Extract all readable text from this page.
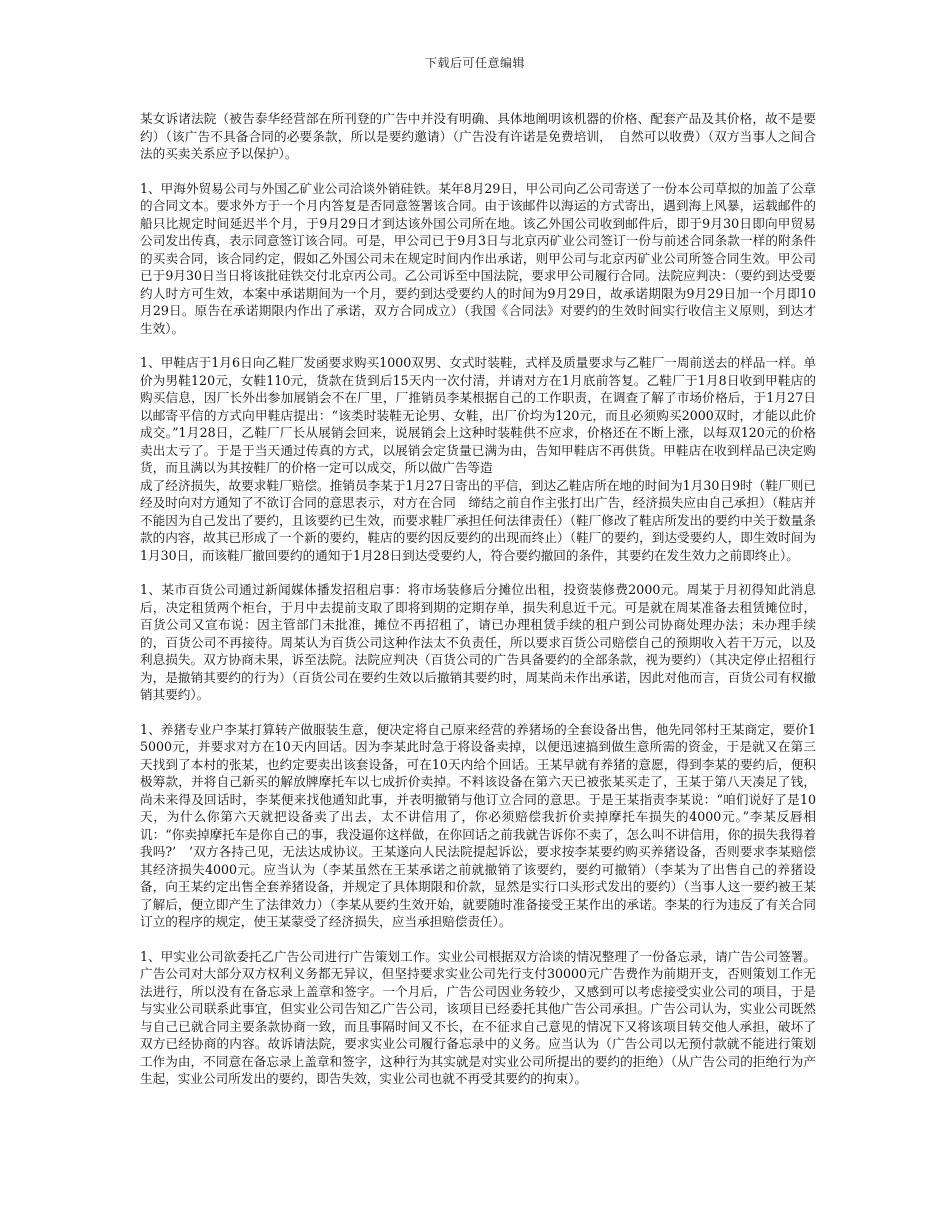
下载后可任意编辑

某女诉诸法院（被告泰华经营部在所刊登的广告中并没有明确、具体地阐明该机器的价格、配套产品及其价格，故不是要约）（该广告不具备合同的必要条款，所以是要约邀请）（广告没有许诺是免费培训，　自然可以收费）（双方当事人之间合法的买卖关系应予以保护）。

1、甲海外贸易公司与外国乙矿业公司洽谈外销硅铁。某年8月29日，甲公司向乙公司寄送了一份本公司草拟的加盖了公章的合同文本。要求外方于一个月内答复是否同意签署该合同。由于该邮件以海运的方式寄出，遇到海上风暴，运载邮件的船只比规定时间延迟半个月，于9月29日才到达该外国公司所在地。该乙外国公司收到邮件后，即于9月30日即向甲贸易公司发出传真，表示同意签订该合同。可是，甲公司已于9月3日与北京丙矿业公司签订一份与前述合同条款一样的附条件的买卖合同，该合同约定，假如乙外国公司未在规定时间内作出承诺，则甲公司与北京丙矿业公司所签合同生效。甲公司已于9月30日当日将该批硅铁交付北京丙公司。乙公司诉至中国法院，要求甲公司履行合同。法院应判决：（要约到达受要约人时方可生效，本案中承诺期间为一个月，要约到达受要约人的时间为9月29日，故承诺期限为9月29日加一个月即10月29日。原告在承诺期限内作出了承诺，双方合同成立）（我国《合同法》对要约的生效时间实行收信主义原则，到达才生效）。

1、甲鞋店于1月6日向乙鞋厂发函要求购买1000双男、女式时装鞋，式样及质量要求与乙鞋厂一周前送去的样品一样。单价为男鞋120元，女鞋110元，货款在货到后15天内一次付清，并请对方在1月底前答复。乙鞋厂于1月8日收到甲鞋店的购买信息，因厂长外出参加展销会不在厂里，厂推销员李某根据自己的工作职责，在调查了解了市场价格后，于1月27日以邮寄平信的方式向甲鞋店提出：“该类时装鞋无论男、女鞋，出厂价均为120元，而且必须购买2000双时，才能以此价成交。”1月28日，乙鞋厂厂长从展销会回来，说展销会上这种时装鞋供不应求，价格还在不断上涨，以每双120元的价格卖出太亏了。于是于当天通过传真的方式，以展销会定货量已满为由，告知甲鞋店不再供货。甲鞋店在收到样品已决定购货，而且满以为其按鞋厂的价格一定可以成交，所以做广告等造
成了经济损失，故要求鞋厂赔偿。推销员李某于1月27日寄出的平信，到达乙鞋店所在地的时间为1月30日9时（鞋厂则已经及时向对方通知了不欲订合同的意思表示，对方在合同　缔结之前自作主张打出广告，经济损失应由自己承担）（鞋店并不能因为自己发出了要约，且该要约已生效，而要求鞋厂承担任何法律责任）（鞋厂修改了鞋店所发出的要约中关于数量条款的内容，故其已形成了一个新的要约，鞋店的要约因反要约的出现而终止）（鞋厂的要约，到达受要约人，即生效时间为1月30日，而该鞋厂撤回要约的通知于1月28日到达受要约人，符合要约撤回的条件，其要约在发生效力之前即终止）。

1、某市百货公司通过新闻媒体播发招租启事：将市场装修后分摊位出租，投资装修费2000元。周某于月初得知此消息后，决定租赁两个柜台，于月中去提前支取了即将到期的定期存单，损失利息近千元。可是就在周某准备去租赁摊位时，百货公司又宣布说：因主管部门未批准，摊位不再招租了，请已办理租赁手续的租户到公司协商处理办法；未办理手续的，百货公司不再接待。周某认为百货公司这种作法太不负责任，所以要求百货公司赔偿自己的预期收入若干万元，以及利息损失。双方协商未果，诉至法院。法院应判决（百货公司的广告具备要约的全部条款，视为要约）（其决定停止招租行为，是撤销其要约的行为）（百货公司在要约生效以后撤销其要约时，周某尚未作出承诺，因此对他而言，百货公司有权撤销其要约）。

1、养猪专业户李某打算转产做服装生意，便决定将自己原来经营的养猪场的全套设备出售，他先同邻村王某商定，要价15000元，并要求对方在10天内回话。因为李某此时急于将设备卖掉，以便迅速搞到做生意所需的资金，于是就又在第三天找到了本村的张某，也约定要卖出该套设备，可在10天内给个回话。王某早就有养猪的意愿，得到李某的要约后，便积极筹款，并将自己新买的解放牌摩托车以七成折价卖掉。不料该设备在第六天已被张某买走了，王某于第八天凑足了钱，尚未来得及回话时，李某便来找他通知此事，并表明撤销与他订立合同的意思。于是王某指责李某说：“咱们说好了是10天，为什么你第六天就把设备卖了出去，太不讲信用了，你必须赔偿我折价卖掉摩托车损失的4000元。”李某反唇相讥：“你卖掉摩托车是你自己的事，我没逼你这样做，在你回话之前我就告诉你不卖了，怎么叫不讲信用，你的损失我得着我吗?’　’双方各持己见，无法达成协议。王某遂向人民法院提起诉讼，要求按李某要约购买养猪设备，否则要求李某赔偿其经济损失4000元。应当认为（李某虽然在王某承诺之前就撤销了该要约，要约可撤销）（李某为了出售自己的养猪设备，向王某约定出售全套养猪设备，并规定了具体期限和价款，显然是实行口头形式发出的要约）（当事人这一要约被王某了解后，便立即产生了法律效力）（李某从要约生效开始，就要随时准备接受王某作出的承诺。李某的行为违反了有关合同订立的程序的规定，使王某蒙受了经济损失，应当承担赔偿责任）。

1、甲实业公司欲委托乙广告公司进行广告策划工作。实业公司根据双方洽谈的情况整理了一份备忘录，请广告公司签署。广告公司对大部分双方权利义务都无异议，但坚持要求实业公司先行支付30000元广告费作为前期开支，否则策划工作无法进行，所以没有在备忘录上盖章和签字。一个月后，广告公司因业务较少，又感到可以考虑接受实业公司的项目，于是与实业公司联系此事宜，但实业公司告知乙广告公司，该项目已经委托其他广告公司承担。广告公司认为，实业公司既然与自己已就合同主要条款协商一致，而且事隔时间又不长，在不征求自己意见的情况下又将该项目转交他人承担，破坏了双方已经协商的内容。故诉请法院，要求实业公司履行备忘录中的义务。应当认为（广告公司以无预付款就不能进行策划工作为由，不同意在备忘录上盖章和签字，这种行为其实就是对实业公司所提出的要约的拒绝）（从广告公司的拒绝行为产生起，实业公司所发出的要约，即告失效，实业公司也就不再受其要约的拘束）。
